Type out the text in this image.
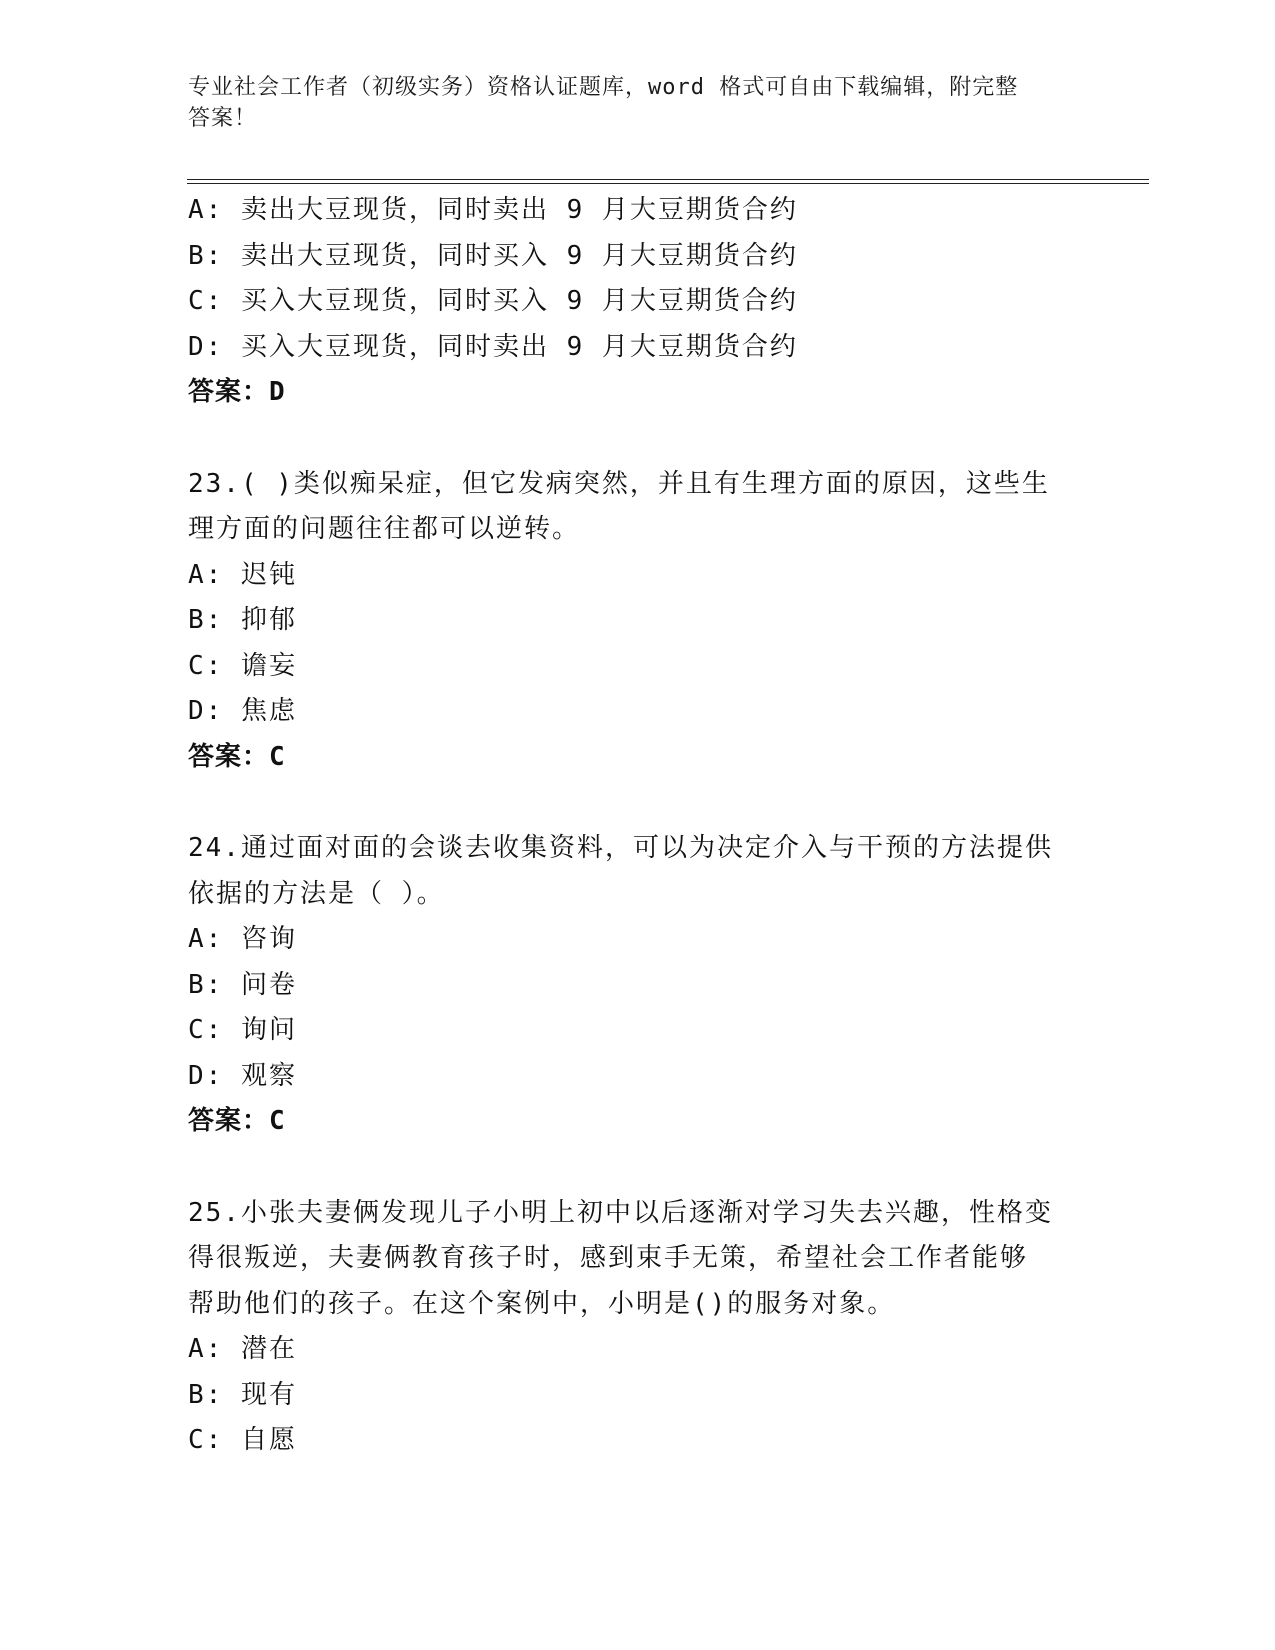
专业社会工作者（初级实务）资格认证题库，word 格式可自由下载编辑，附完整
答案！
A: 卖出大豆现货，同时卖出 9 月大豆期货合约
B: 卖出大豆现货，同时买入 9 月大豆期货合约
C: 买入大豆现货，同时买入 9 月大豆期货合约
D: 买入大豆现货，同时卖出 9 月大豆期货合约
答案：D
23.( )类似痴呆症，但它发病突然，并且有生理方面的原因，这些生
理方面的问题往往都可以逆转。
A: 迟钝
B: 抑郁
C: 谵妄
D: 焦虑
答案：C
24.通过面对面的会谈去收集资料，可以为决定介入与干预的方法提供
依据的方法是（ ）。
A: 咨询
B: 问卷
C: 询问
D: 观察
答案：C
25.小张夫妻俩发现儿子小明上初中以后逐渐对学习失去兴趣，性格变
得很叛逆，夫妻俩教育孩子时，感到束手无策，希望社会工作者能够
帮助他们的孩子。在这个案例中，小明是()的服务对象。
A: 潜在
B: 现有
C: 自愿
